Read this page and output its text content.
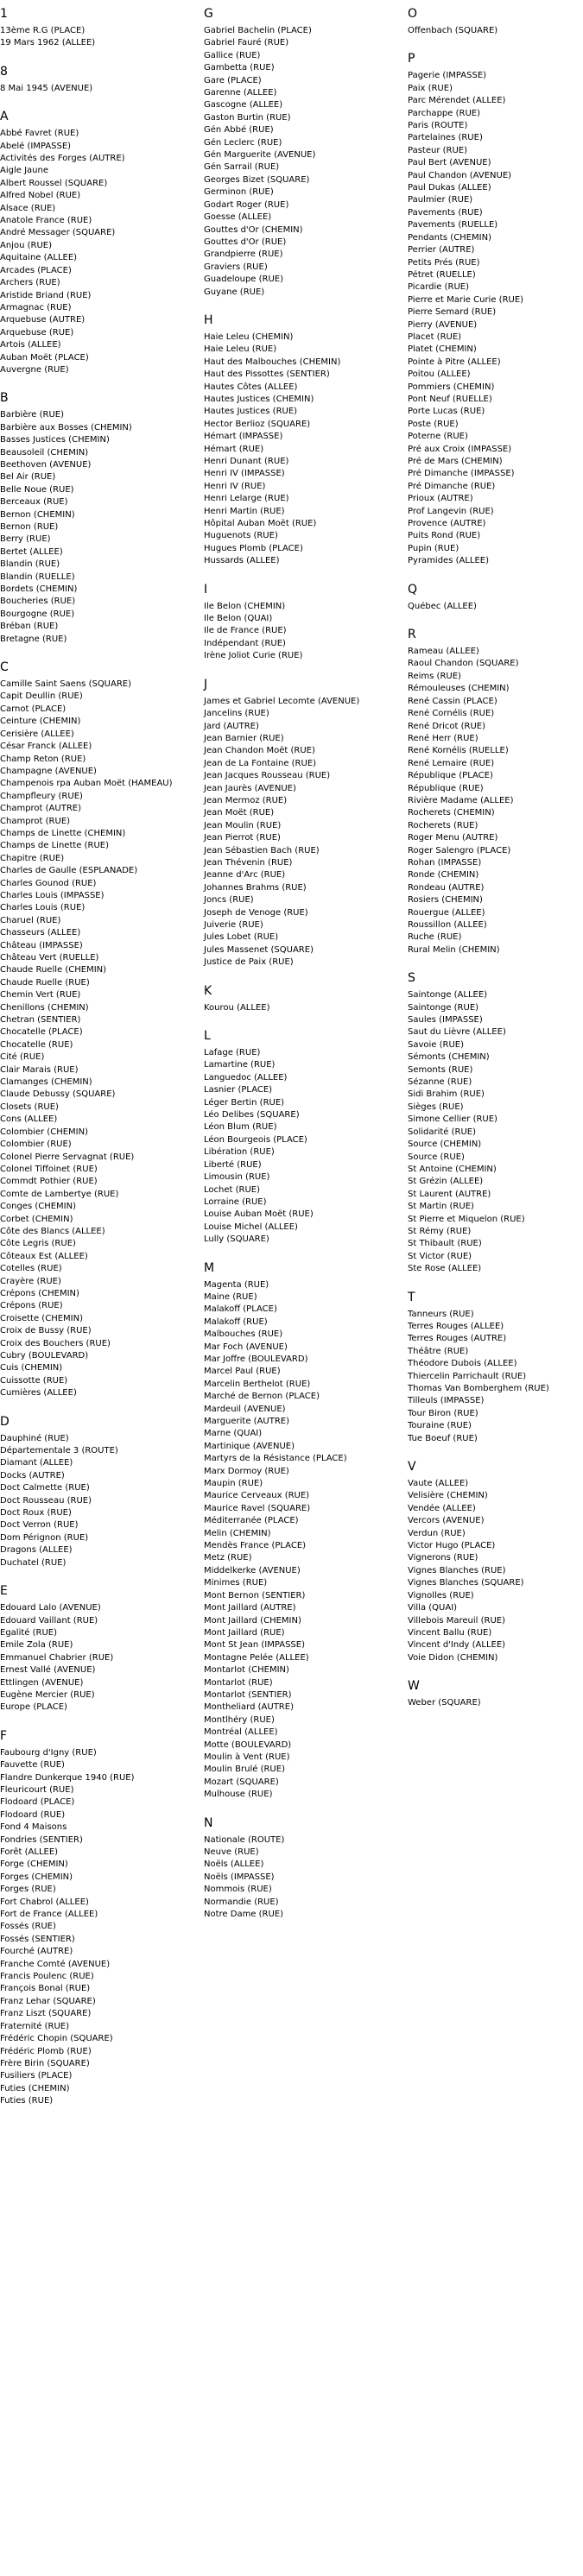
1
13ème R.G (PLACE)
19 Mars 1962 (ALLEE)
8
8 Mai 1945 (AVENUE)
A
Abbé Favret (RUE)
Abelé (IMPASSE)
Activités des Forges (AUTRE)
Aigle Jaune
Albert Roussel (SQUARE)
Alfred Nobel (RUE)
Alsace (RUE)
Anatole France (RUE)
André Messager (SQUARE)
Anjou (RUE)
Aquitaine (ALLEE)
Arcades (PLACE)
Archers (RUE)
Aristide Briand (RUE)
Armagnac (RUE)
Arquebuse (AUTRE)
Arquebuse (RUE)
Artois (ALLEE)
Auban Moët (PLACE)
Auvergne (RUE)
B
Barbière (RUE)
Barbière aux Bosses (CHEMIN)
Basses Justices (CHEMIN)
Beausoleil (CHEMIN)
Beethoven (AVENUE)
Bel Air (RUE)
Belle Noue (RUE)
Berceaux (RUE)
Bernon (CHEMIN)
Bernon (RUE)
Berry (RUE)
Bertet (ALLEE)
Blandin (RUE)
Blandin (RUELLE)
Bordets (CHEMIN)
Boucheries (RUE)
Bourgogne (RUE)
Bréban (RUE)
Bretagne (RUE)
C
Camille Saint Saens (SQUARE)
Capit Deullin (RUE)
Carnot (PLACE)
Ceinture (CHEMIN)
Cerisière (ALLEE)
César Franck (ALLEE)
Champ Reton (RUE)
Champagne (AVENUE)
Champenois rpa Auban Moët (HAMEAU)
Champfleury (RUE)
Champrot (AUTRE)
Champrot (RUE)
Champs de Linette (CHEMIN)
Champs de Linette (RUE)
Chapitre (RUE)
Charles de Gaulle (ESPLANADE)
Charles Gounod (RUE)
Charles Louis (IMPASSE)
Charles Louis (RUE)
Charuel (RUE)
Chasseurs (ALLEE)
Château (IMPASSE)
Château Vert (RUELLE)
Chaude Ruelle (CHEMIN)
Chaude Ruelle (RUE)
Chemin Vert (RUE)
Chenillons (CHEMIN)
Chetran (SENTIER)
Chocatelle (PLACE)
Chocatelle (RUE)
Cité (RUE)
Clair Marais (RUE)
Clamanges (CHEMIN)
Claude Debussy (SQUARE)
Closets (RUE)
Cons (ALLEE)
Colombier (CHEMIN)
Colombier (RUE)
Colonel Pierre Servagnat (RUE)
Colonel Tiffoinet (RUE)
Commdt Pothier (RUE)
Comte de Lambertye (RUE)
Conges (CHEMIN)
Corbet (CHEMIN)
Côte des Blancs (ALLEE)
Côte Legris (RUE)
Côteaux Est (ALLEE)
Cotelles (RUE)
Crayère (RUE)
Crépons (CHEMIN)
Crépons (RUE)
Croisette (CHEMIN)
Croix de Bussy (RUE)
Croix des Bouchers (RUE)
Cubry (BOULEVARD)
Cuis (CHEMIN)
Cuissotte (RUE)
Cumières (ALLEE)
D
Dauphiné (RUE)
Départementale 3 (ROUTE)
Diamant (ALLEE)
Docks (AUTRE)
Doct Calmette (RUE)
Doct Rousseau (RUE)
Doct Roux (RUE)
Doct Verron (RUE)
Dom Pérignon (RUE)
Dragons (ALLEE)
Duchatel (RUE)
E
Edouard Lalo (AVENUE)
Edouard Vaillant (RUE)
Egalité (RUE)
Emile Zola (RUE)
Emmanuel Chabrier (RUE)
Ernest Vallé (AVENUE)
Ettlingen (AVENUE)
Eugène Mercier (RUE)
Europe (PLACE)
F
Faubourg d'Igny (RUE)
Fauvette (RUE)
Flandre Dunkerque 1940 (RUE)
Fleuricourt (RUE)
Flodoard (PLACE)
Flodoard (RUE)
Fond 4 Maisons
Fondries (SENTIER)
Forêt (ALLEE)
Forge (CHEMIN)
Forges (CHEMIN)
Forges (RUE)
Fort Chabrol (ALLEE)
Fort de France (ALLEE)
Fossés (RUE)
Fossés (SENTIER)
Fourché (AUTRE)
Franche Comté (AVENUE)
Francis Poulenc (RUE)
François Bonal (RUE)
Franz Lehar (SQUARE)
Franz Liszt (SQUARE)
Fraternité (RUE)
Frédéric Chopin (SQUARE)
Frédéric Plomb (RUE)
Frère Birin (SQUARE)
Fusiliers (PLACE)
Futies (CHEMIN)
Futies (RUE)
G
Gabriel Bachelin (PLACE)
Gabriel Fauré (RUE)
Gallice (RUE)
Gambetta (RUE)
Gare (PLACE)
Garenne (ALLEE)
Gascogne (ALLEE)
Gaston Burtin (RUE)
Gén Abbé (RUE)
Gén Leclerc (RUE)
Gén Marguerite (AVENUE)
Gén Sarrail (RUE)
Georges Bizet (SQUARE)
Germinon (RUE)
Godart Roger (RUE)
Goesse (ALLEE)
Gouttes d'Or (CHEMIN)
Gouttes d'Or (RUE)
Grandpierre (RUE)
Graviers (RUE)
Guadeloupe (RUE)
Guyane (RUE)
H
Haie Leleu (CHEMIN)
Haie Leleu (RUE)
Haut des Malbouches (CHEMIN)
Haut des Pissottes (SENTIER)
Hautes Côtes (ALLEE)
Hautes Justices (CHEMIN)
Hautes Justices (RUE)
Hector Berlioz (SQUARE)
Hémart (IMPASSE)
Hémart (RUE)
Henri Dunant (RUE)
Henri IV (IMPASSE)
Henri IV (RUE)
Henri Lelarge (RUE)
Henri Martin (RUE)
Hôpital Auban Moët (RUE)
Huguenots (RUE)
Hugues Plomb (PLACE)
Hussards (ALLEE)
I
Ile Belon (CHEMIN)
Ile Belon (QUAI)
Ile de France (RUE)
Indépendant (RUE)
Irène Joliot Curie (RUE)
J
James et Gabriel Lecomte (AVENUE)
Jancelins (RUE)
Jard (AUTRE)
Jean Barnier (RUE)
Jean Chandon Moët (RUE)
Jean de La Fontaine (RUE)
Jean Jacques Rousseau (RUE)
Jean Jaurès (AVENUE)
Jean Mermoz (RUE)
Jean Moët (RUE)
Jean Moulin (RUE)
Jean Pierrot (RUE)
Jean Sébastien Bach (RUE)
Jean Thévenin (RUE)
Jeanne d'Arc (RUE)
Johannes Brahms (RUE)
Joncs (RUE)
Joseph de Venoge (RUE)
Juiverie (RUE)
Jules Lobet (RUE)
Jules Massenet (SQUARE)
Justice de Paix (RUE)
K
Kourou (ALLEE)
L
Lafage (RUE)
Lamartine (RUE)
Languedoc (ALLEE)
Lasnier (PLACE)
Léger Bertin (RUE)
Léo Delibes (SQUARE)
Léon Blum (RUE)
Léon Bourgeois (PLACE)
Libération (RUE)
Liberté (RUE)
Limousin (RUE)
Lochet (RUE)
Lorraine (RUE)
Louise Auban Moët (RUE)
Louise Michel (ALLEE)
Lully (SQUARE)
M
Magenta (RUE)
Maine (RUE)
Malakoff (PLACE)
Malakoff (RUE)
Malbouches (RUE)
Mar Foch (AVENUE)
Mar Joffre (BOULEVARD)
Marcel Paul (RUE)
Marcelin Berthelot (RUE)
Marché de Bernon (PLACE)
Mardeuil (AVENUE)
Marguerite (AUTRE)
Marne (QUAI)
Martinique (AVENUE)
Martyrs de la Résistance (PLACE)
Marx Dormoy (RUE)
Maupin (RUE)
Maurice Cerveaux (RUE)
Maurice Ravel (SQUARE)
Méditerranée (PLACE)
Melin (CHEMIN)
Mendès France (PLACE)
Metz (RUE)
Middelkerke (AVENUE)
Minimes (RUE)
Mont Bernon (SENTIER)
Mont Jaillard (AUTRE)
Mont Jaillard (CHEMIN)
Mont Jaillard (RUE)
Mont St Jean (IMPASSE)
Montagne Pelée (ALLEE)
Montarlot (CHEMIN)
Montarlot (RUE)
Montarlot (SENTIER)
Montheliard (AUTRE)
Montlhéry (RUE)
Montréal (ALLEE)
Motte (BOULEVARD)
Moulin à Vent (RUE)
Moulin Brulé (RUE)
Mozart (SQUARE)
Mulhouse (RUE)
N
Nationale (ROUTE)
Neuve (RUE)
Noëls (ALLEE)
Noëls (IMPASSE)
Nommois (RUE)
Normandie (RUE)
Notre Dame (RUE)
O
Offenbach (SQUARE)
P
Pagerie (IMPASSE)
Paix (RUE)
Parc Mérendet (ALLEE)
Parchappe (RUE)
Paris (ROUTE)
Partelaines (RUE)
Pasteur (RUE)
Paul Bert (AVENUE)
Paul Chandon (AVENUE)
Paul Dukas (ALLEE)
Paulmier (RUE)
Pavements (RUE)
Pavements (RUELLE)
Pendants (CHEMIN)
Perrier (AUTRE)
Petits Prés (RUE)
Pétret (RUELLE)
Picardie (RUE)
Pierre et Marie Curie (RUE)
Pierre Semard (RUE)
Pierry (AVENUE)
Placet (RUE)
Platet (CHEMIN)
Pointe à Pitre (ALLEE)
Poitou (ALLEE)
Pommiers (CHEMIN)
Pont Neuf (RUELLE)
Porte Lucas (RUE)
Poste (RUE)
Poterne (RUE)
Pré aux Croix (IMPASSE)
Pré de Mars (CHEMIN)
Pré Dimanche (IMPASSE)
Pré Dimanche (RUE)
Prioux (AUTRE)
Prof Langevin (RUE)
Provence (AUTRE)
Puits Rond (RUE)
Pupin (RUE)
Pyramides (ALLEE)
Q
Québec (ALLEE)
R
Rameau (ALLEE)
Raoul Chandon (SQUARE)
Reims (RUE)
Rémouleuses (CHEMIN)
René Cassin (PLACE)
René Cornélis (RUE)
René Dricot (RUE)
René Herr (RUE)
René Kornélis (RUELLE)
René Lemaire (RUE)
République (PLACE)
République (RUE)
Rivière Madame (ALLEE)
Rocherets (CHEMIN)
Rocherets (RUE)
Roger Menu (AUTRE)
Roger Salengro (PLACE)
Rohan (IMPASSE)
Ronde (CHEMIN)
Rondeau (AUTRE)
Rosiers (CHEMIN)
Rouergue (ALLEE)
Roussillon (ALLEE)
Ruche (RUE)
Rural Melin (CHEMIN)
S
Saintonge (ALLEE)
Saintonge (RUE)
Saules (IMPASSE)
Saut du Lièvre (ALLEE)
Savoie (RUE)
Sémonts (CHEMIN)
Semonts (RUE)
Sézanne (RUE)
Sidi Brahim (RUE)
Sièges (RUE)
Simone Cellier (RUE)
Solidarité (RUE)
Source (CHEMIN)
Source (RUE)
St Antoine (CHEMIN)
St Grézin (ALLEE)
St Laurent (AUTRE)
St Martin (RUE)
St Pierre et Miquelon (RUE)
St Rémy (RUE)
St Thibault (RUE)
St Victor (RUE)
Ste Rose (ALLEE)
T
Tanneurs (RUE)
Terres Rouges (ALLEE)
Terres Rouges (AUTRE)
Théâtre (RUE)
Théodore Dubois (ALLEE)
Thiercelin Parrichault (RUE)
Thomas Van Bomberghem (RUE)
Tilleuls (IMPASSE)
Tour Biron (RUE)
Touraine (RUE)
Tue Boeuf (RUE)
V
Vaute (ALLEE)
Velisière (CHEMIN)
Vendée (ALLEE)
Vercors (AVENUE)
Verdun (RUE)
Victor Hugo (PLACE)
Vignerons (RUE)
Vignes Blanches (RUE)
Vignes Blanches (SQUARE)
Vignolles (RUE)
Villa (QUAI)
Villebois Mareuil (RUE)
Vincent Ballu (RUE)
Vincent d'Indy (ALLEE)
Voie Didon (CHEMIN)
W
Weber (SQUARE)
